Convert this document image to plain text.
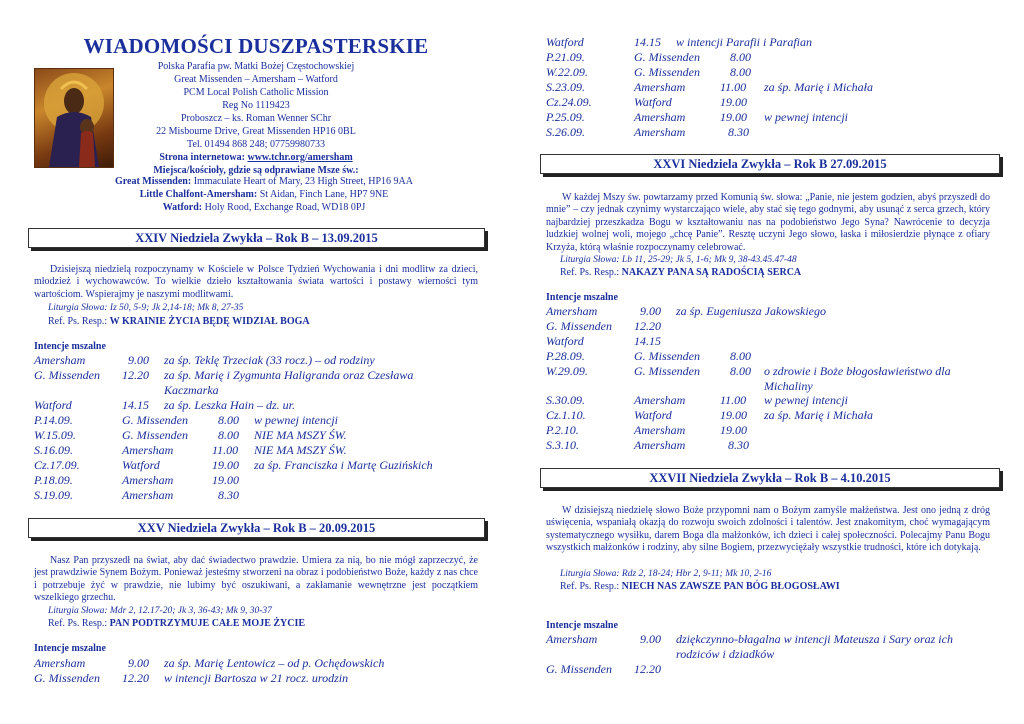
WIADOMOŚCI DUSZPASTERSKIE
Polska Parafia pw. Matki Bożej Częstochowskiej
Great Missenden – Amersham – Watford
PCM Local Polish Catholic Mission
Reg No 1119423
Proboszcz – ks. Roman Wenner SChr
22 Misbourne Drive, Great Missenden HP16 0BL
Tel. 01494 868 248; 07759980733
Strona internetowa: www.tchr.org/amersham
Miejsca/kościoły, gdzie są odprawiane Msze św.:
Great Missenden: Immaculate Heart of Mary, 23 High Street, HP16 9AA
Little Chalfont-Amersham: St Aidan, Finch Lane, HP7 9NE
Watford: Holy Rood, Exchange Road, WD18 0PJ
XXIV Niedziela Zwykła – Rok B – 13.09.2015
Dzisiejszą niedzielą rozpoczynamy w Kościele w Polsce Tydzień Wychowania i dni modlitw za dzieci, młodzież i wychowawców. To wielkie dzieło kształtowania świata wartości i postawy wierności tym wartościom. Wspierajmy je naszymi modlitwami.
Liturgia Słowa: Iz 50, 5-9; Jk 2,14-18; Mk 8, 27-35
Ref. Ps. Resp.: W KRAINIE ŻYCIA BĘDĘ WIDZIAŁ BOGA
Intencje mszalne
Amersham	9.00 za śp. Teklę Trzeciak (33 rocz.) – od rodziny
G. Missenden 12.20 za śp. Marię i Zygmunta Haligranda oraz Czesława Kaczmarka
Watford	14.15 za śp. Leszka Hain – dz. ur.
P.14.09.	G. Missenden	8.00 w pewnej intencji
W.15.09.	G. Missenden	8.00 NIE MA MSZY ŚW.
S.16.09.	Amersham	11.00 NIE MA MSZY ŚW.
Cz.17.09.	Watford	19.00 za śp. Franciszka i Martę Guzińskich
P.18.09.	Amersham	19.00
S.19.09.	Amersham	8.30
XXV Niedziela Zwykła – Rok B – 20.09.2015
Nasz Pan przyszedł na świat, aby dać świadectwo prawdzie. Umiera za nią, bo nie mógł zaprzeczyć, że jest prawdziwie Synem Bożym. Ponieważ jesteśmy stworzeni na obraz i podobieństwo Boże, każdy z nas chce i potrzebuje żyć w prawdzie, nie lubimy być oszukiwani, a zakłamanie wewnętrzne jest początkiem wszelkiego grzechu.
Liturgia Słowa: Mdr 2, 12.17-20; Jk 3, 36-43; Mk 9, 30-37
Ref. Ps. Resp.: PAN PODTRZYMUJE CAŁE MOJE ŻYCIE
Intencje mszalne
Amersham	9.00 za śp. Marię Lentowicz – od p. Ochędowskich
G. Missenden 12.20 w intencji Bartosza w 21 rocz. urodzin
Watford	14.15 w intencji Parafii i Parafian
P.21.09.	G. Missenden	8.00
W.22.09.	G. Missenden	8.00
S.23.09.	Amersham	11.00 za śp. Marię i Michała
Cz.24.09.	Watford	19.00
P.25.09.	Amersham	19.00 w pewnej intencji
S.26.09.	Amersham	8.30
XXVI Niedziela Zwykła – Rok B 27.09.2015
W każdej Mszy św. powtarzamy przed Komunią św. słowa: „Panie, nie jestem godzien, abyś przyszedł do mnie” – czy jednak czynimy wystarczająco wiele, aby stać się tego godnymi, aby usunąć z serca grzech, który najbardziej przeszkadza Bogu w kształtowaniu nas na podobieństwo Jego Syna? Nawrócenie to decyzja ludzkiej wolnej woli, mojego „chcę Panie”. Resztę uczyni Jego słowo, łaska i miłosierdzie płynące z ofiary Krzyża, którą właśnie rozpoczynamy celebrować.
Liturgia Słowa: Lb 11, 25-29; Jk 5, 1-6; Mk 9, 38-43.45.47-48
Ref. Ps. Resp.: NAKAZY PANA SĄ RADOŚCIĄ SERCA
Intencje mszalne
Amersham	9.00 za śp. Eugeniusza Jakowskiego
G. Missenden 12.20
Watford	14.15
P.28.09.	G. Missenden	8.00
W.29.09.	G. Missenden	8.00 o zdrowie i Boże błogosławieństwo dla Michaliny
S.30.09.	Amersham	11.00 w pewnej intencji
Cz.1.10.	Watford	19.00 za śp. Marię i Michała
P.2.10.	Amersham	19.00
S.3.10.	Amersham	8.30
XXVII Niedziela Zwykła – Rok B – 4.10.2015
W dzisiejszą niedzielę słowo Boże przypomni nam o Bożym zamyśle małżeństwa. Jest ono jedną z dróg uświęcenia, wspaniałą okazją do rozwoju swoich zdolności i talentów. Jest znakomitym, choć wymagającym systematycznego wysiłku, darem Boga dla małżonków, ich dzieci i całej społeczności. Polecajmy Panu Bogu wszystkich małżonków i rodziny, aby silne Bogiem, przezwyciężały wszystkie trudności, które ich dotykają.
Liturgia Słowa: Rdz 2, 18-24; Hbr 2, 9-11; Mk 10, 2-16
Ref. Ps. Resp.: NIECH NAS ZAWSZE PAN BÓG BŁOGOSŁAWI
Intencje mszalne
Amersham	9.00 dziękczynno-błagalna w intencji Mateusza i Sary oraz ich rodziców i dziadków
G. Missenden 12.20
